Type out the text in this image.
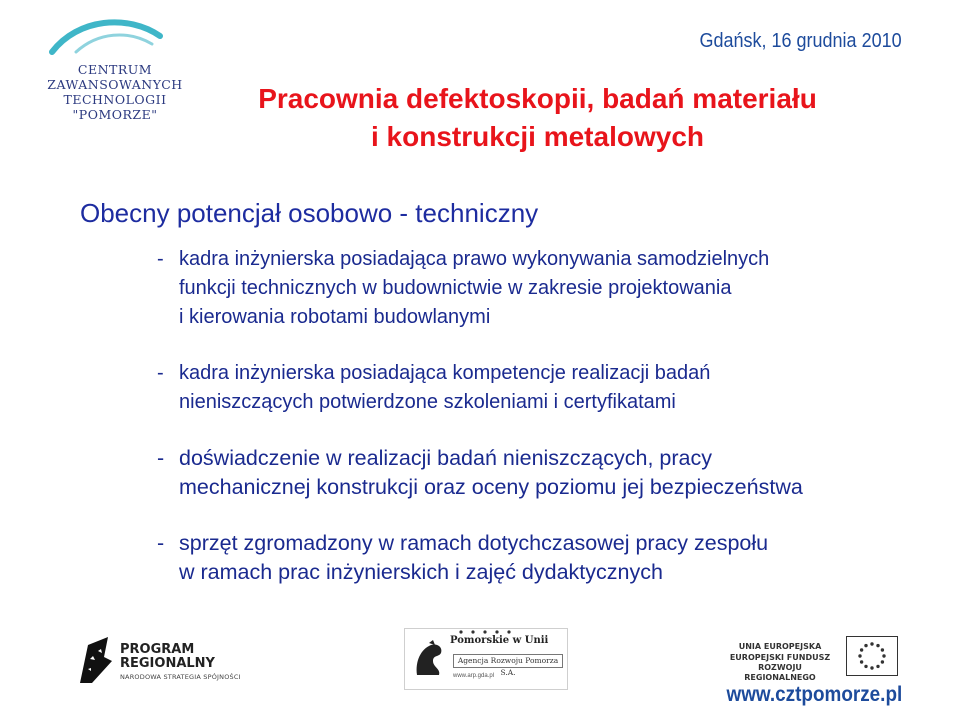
CENTRUM
ZAWANSOWANYCH
TECHNOLOGII
"POMORZE"
Gdańsk, 16 grudnia 2010
Pracownia defektoskopii, badań materiału
i konstrukcji metalowych
Obecny potencjał osobowo - techniczny
- kadra inżynierska posiadająca prawo wykonywania samodzielnych
funkcji technicznych w budownictwie w zakresie projektowania
i kierowania robotami budowlanymi
- kadra inżynierska posiadająca kompetencje realizacji badań
nieniszczących potwierdzone szkoleniami i certyfikatami
- doświadczenie w realizacji badań nieniszczących, pracy
mechanicznej konstrukcji oraz oceny poziomu jej bezpieczeństwa
- sprzęt zgromadzony w ramach dotychczasowej pracy zespołu
w ramach prac inżynierskich i zajęć dydaktycznych
PROGRAM
REGIONALNY
NARODOWA STRATEGIA SPÓJNOŚCI
Pomorskie w Unii
Agencja Rozwoju Pomorza S.A.
www.arp.gda.pl
UNIA EUROPEJSKA
EUROPEJSKI FUNDUSZ
ROZWOJU REGIONALNEGO
www.cztpomorze.pl
